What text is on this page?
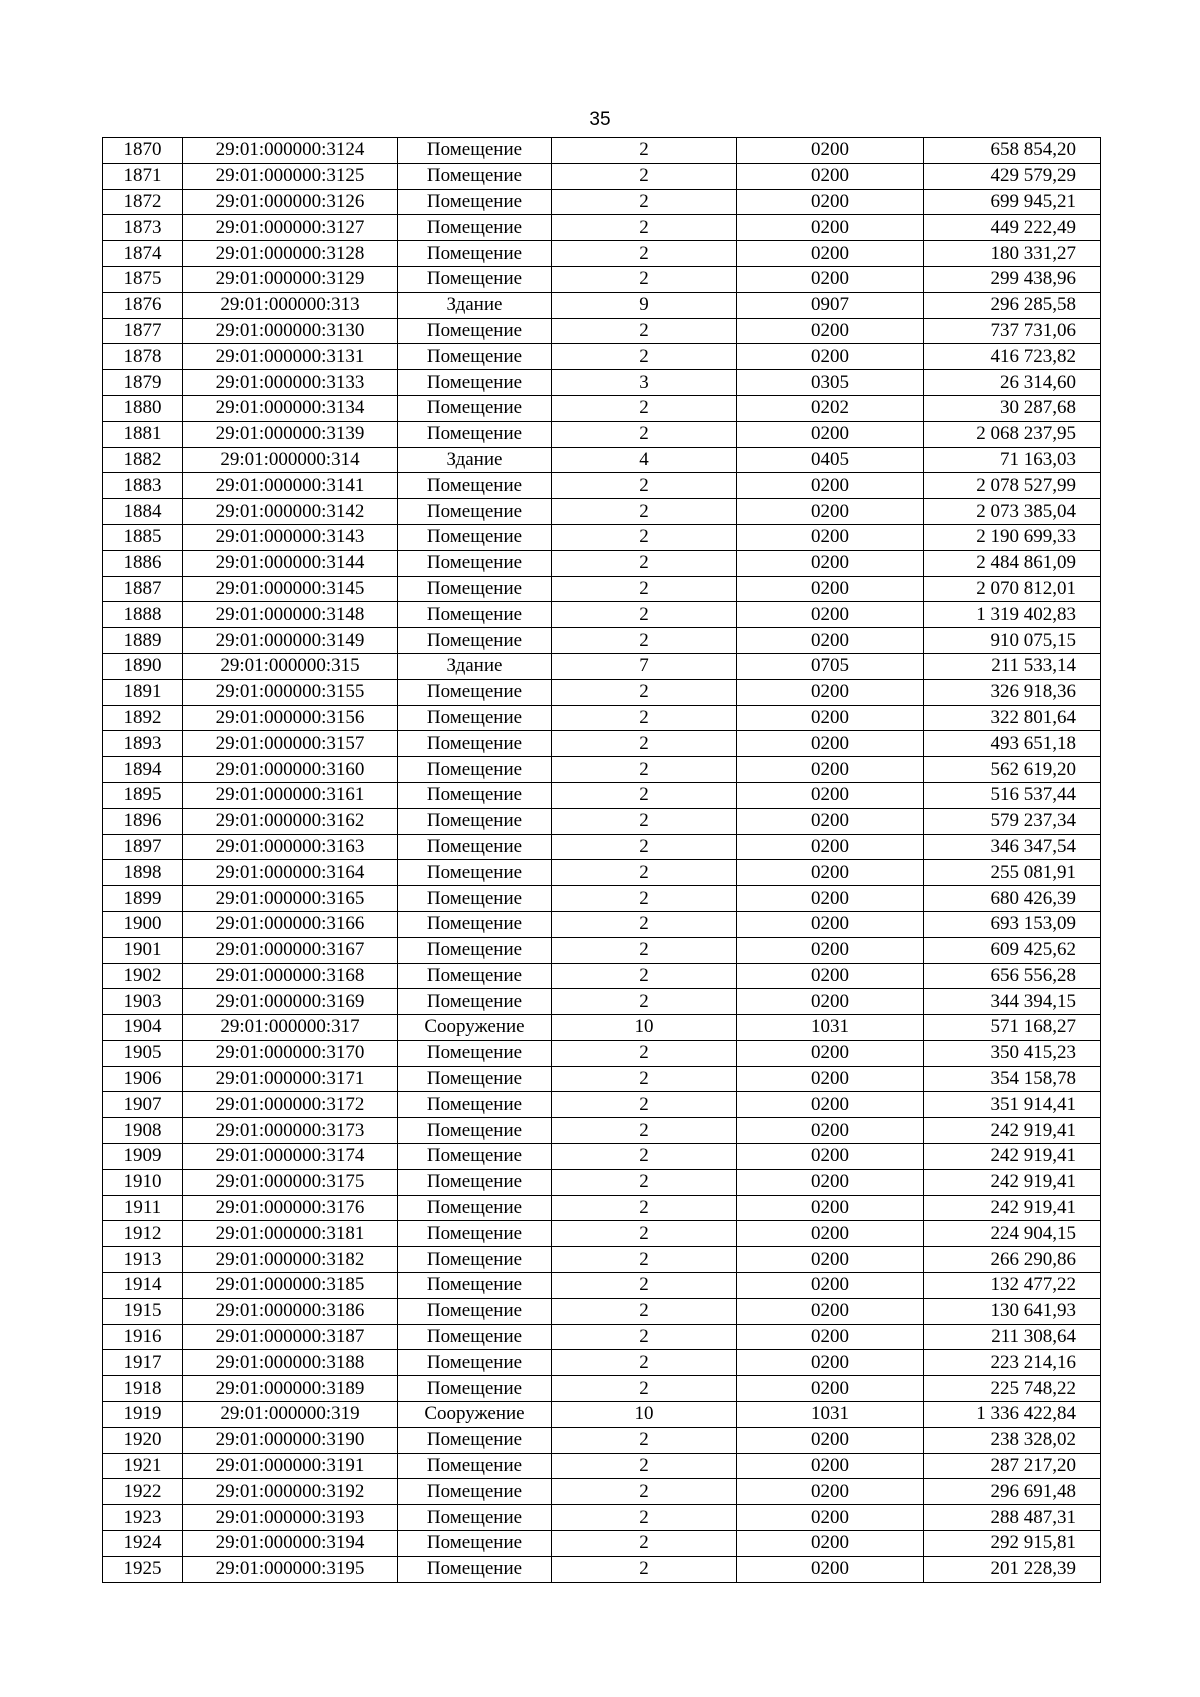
35
1870	29:01:000000:3124	Помещение	2	0200	658 854,20
1871	29:01:000000:3125	Помещение	2	0200	429 579,29
1872	29:01:000000:3126	Помещение	2	0200	699 945,21
1873	29:01:000000:3127	Помещение	2	0200	449 222,49
1874	29:01:000000:3128	Помещение	2	0200	180 331,27
1875	29:01:000000:3129	Помещение	2	0200	299 438,96
1876	29:01:000000:313	Здание	9	0907	296 285,58
1877	29:01:000000:3130	Помещение	2	0200	737 731,06
1878	29:01:000000:3131	Помещение	2	0200	416 723,82
1879	29:01:000000:3133	Помещение	3	0305	26 314,60
1880	29:01:000000:3134	Помещение	2	0202	30 287,68
1881	29:01:000000:3139	Помещение	2	0200	2 068 237,95
1882	29:01:000000:314	Здание	4	0405	71 163,03
1883	29:01:000000:3141	Помещение	2	0200	2 078 527,99
1884	29:01:000000:3142	Помещение	2	0200	2 073 385,04
1885	29:01:000000:3143	Помещение	2	0200	2 190 699,33
1886	29:01:000000:3144	Помещение	2	0200	2 484 861,09
1887	29:01:000000:3145	Помещение	2	0200	2 070 812,01
1888	29:01:000000:3148	Помещение	2	0200	1 319 402,83
1889	29:01:000000:3149	Помещение	2	0200	910 075,15
1890	29:01:000000:315	Здание	7	0705	211 533,14
1891	29:01:000000:3155	Помещение	2	0200	326 918,36
1892	29:01:000000:3156	Помещение	2	0200	322 801,64
1893	29:01:000000:3157	Помещение	2	0200	493 651,18
1894	29:01:000000:3160	Помещение	2	0200	562 619,20
1895	29:01:000000:3161	Помещение	2	0200	516 537,44
1896	29:01:000000:3162	Помещение	2	0200	579 237,34
1897	29:01:000000:3163	Помещение	2	0200	346 347,54
1898	29:01:000000:3164	Помещение	2	0200	255 081,91
1899	29:01:000000:3165	Помещение	2	0200	680 426,39
1900	29:01:000000:3166	Помещение	2	0200	693 153,09
1901	29:01:000000:3167	Помещение	2	0200	609 425,62
1902	29:01:000000:3168	Помещение	2	0200	656 556,28
1903	29:01:000000:3169	Помещение	2	0200	344 394,15
1904	29:01:000000:317	Сооружение	10	1031	571 168,27
1905	29:01:000000:3170	Помещение	2	0200	350 415,23
1906	29:01:000000:3171	Помещение	2	0200	354 158,78
1907	29:01:000000:3172	Помещение	2	0200	351 914,41
1908	29:01:000000:3173	Помещение	2	0200	242 919,41
1909	29:01:000000:3174	Помещение	2	0200	242 919,41
1910	29:01:000000:3175	Помещение	2	0200	242 919,41
1911	29:01:000000:3176	Помещение	2	0200	242 919,41
1912	29:01:000000:3181	Помещение	2	0200	224 904,15
1913	29:01:000000:3182	Помещение	2	0200	266 290,86
1914	29:01:000000:3185	Помещение	2	0200	132 477,22
1915	29:01:000000:3186	Помещение	2	0200	130 641,93
1916	29:01:000000:3187	Помещение	2	0200	211 308,64
1917	29:01:000000:3188	Помещение	2	0200	223 214,16
1918	29:01:000000:3189	Помещение	2	0200	225 748,22
1919	29:01:000000:319	Сооружение	10	1031	1 336 422,84
1920	29:01:000000:3190	Помещение	2	0200	238 328,02
1921	29:01:000000:3191	Помещение	2	0200	287 217,20
1922	29:01:000000:3192	Помещение	2	0200	296 691,48
1923	29:01:000000:3193	Помещение	2	0200	288 487,31
1924	29:01:000000:3194	Помещение	2	0200	292 915,81
1925	29:01:000000:3195	Помещение	2	0200	201 228,39
